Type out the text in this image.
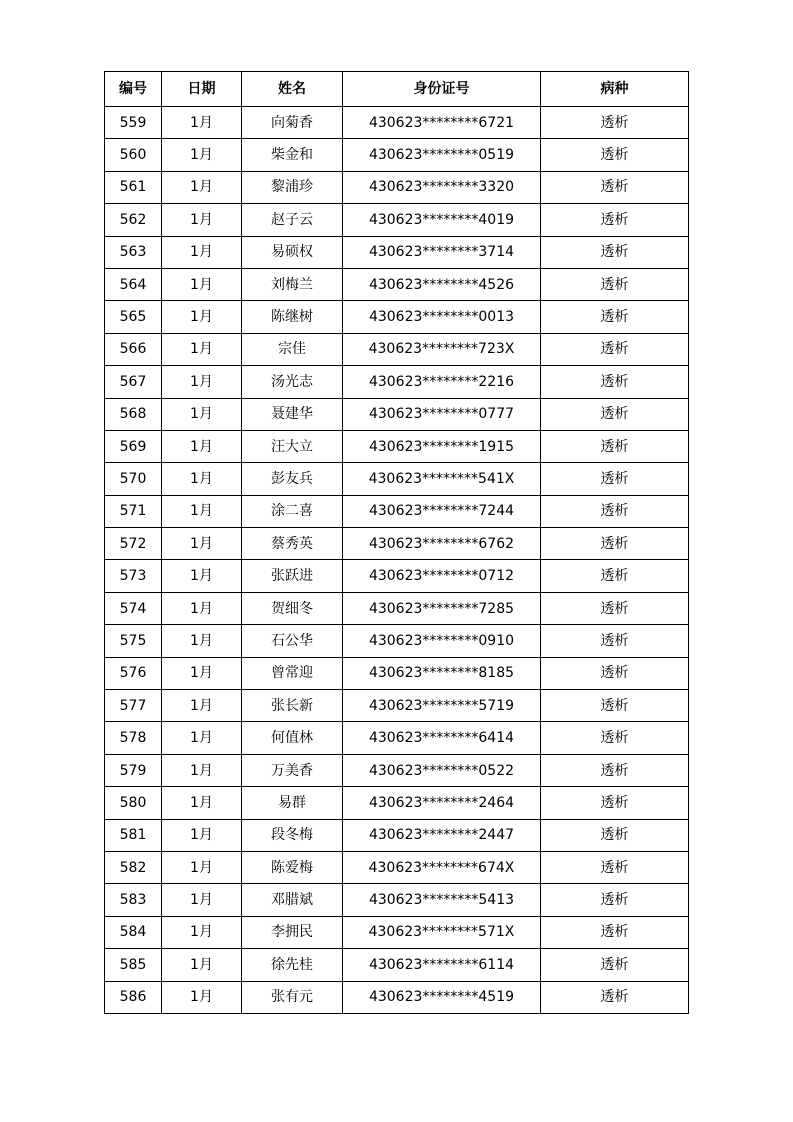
编号	日期	姓名	身份证号	病种
559	1月	向菊香	430623********6721	透析
560	1月	柴金和	430623********0519	透析
561	1月	黎浦珍	430623********3320	透析
562	1月	赵子云	430623********4019	透析
563	1月	易硕权	430623********3714	透析
564	1月	刘梅兰	430623********4526	透析
565	1月	陈继树	430623********0013	透析
566	1月	宗佳	430623********723X	透析
567	1月	汤光志	430623********2216	透析
568	1月	聂建华	430623********0777	透析
569	1月	汪大立	430623********1915	透析
570	1月	彭友兵	430623********541X	透析
571	1月	涂二喜	430623********7244	透析
572	1月	蔡秀英	430623********6762	透析
573	1月	张跃进	430623********0712	透析
574	1月	贺细冬	430623********7285	透析
575	1月	石公华	430623********0910	透析
576	1月	曾常迎	430623********8185	透析
577	1月	张长新	430623********5719	透析
578	1月	何值林	430623********6414	透析
579	1月	万美香	430623********0522	透析
580	1月	易群	430623********2464	透析
581	1月	段冬梅	430623********2447	透析
582	1月	陈爱梅	430623********674X	透析
583	1月	邓腊斌	430623********5413	透析
584	1月	李拥民	430623********571X	透析
585	1月	徐先桂	430623********6114	透析
586	1月	张有元	430623********4519	透析
